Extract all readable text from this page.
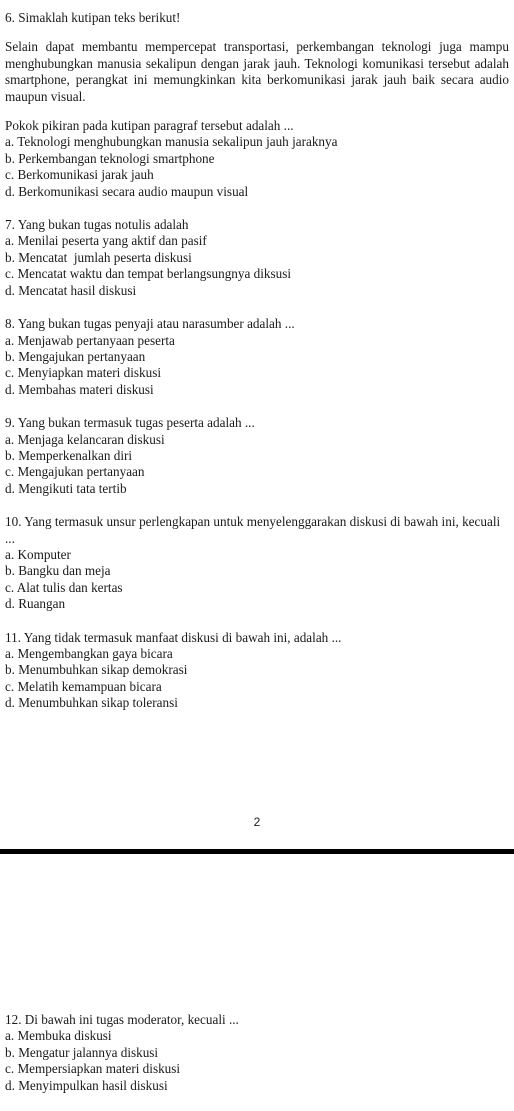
6. Simaklah kutipan teks berikut!

Selain dapat membantu mempercepat transportasi, perkembangan teknologi juga mampu menghubungkan manusia sekalipun dengan jarak jauh. Teknologi komunikasi tersebut adalah smartphone, perangkat ini memungkinkan kita berkomunikasi jarak jauh baik secara audio maupun visual.

Pokok pikiran pada kutipan paragraf tersebut adalah ...

a. Teknologi menghubungkan manusia sekalipun jauh jaraknya
b. Perkembangan teknologi smartphone
c. Berkomunikasi jarak jauh
d. Berkomunikasi secara audio maupun visual

7. Yang bukan tugas notulis adalah

a. Menilai peserta yang aktif dan pasif
b. Mencatat  jumlah peserta diskusi
c. Mencatat waktu dan tempat berlangsungnya diksusi
d. Mencatat hasil diskusi

8. Yang bukan tugas penyaji atau narasumber adalah ...

a. Menjawab pertanyaan peserta
b. Mengajukan pertanyaan
c. Menyiapkan materi diskusi
d. Membahas materi diskusi

9. Yang bukan termasuk tugas peserta adalah ...

a. Menjaga kelancaran diskusi
b. Memperkenalkan diri
c. Mengajukan pertanyaan
d. Mengikuti tata tertib

10. Yang termasuk unsur perlengkapan untuk menyelenggarakan diskusi di bawah ini, kecuali ...

a. Komputer
b. Bangku dan meja
c. Alat tulis dan kertas
d. Ruangan

11. Yang tidak termasuk manfaat diskusi di bawah ini, adalah ...

a. Mengembangkan gaya bicara
b. Menumbuhkan sikap demokrasi
c. Melatih kemampuan bicara
d. Menumbuhkan sikap toleransi
2

12. Di bawah ini tugas moderator, kecuali ...

a. Membuka diskusi
b. Mengatur jalannya diskusi
c. Mempersiapkan materi diskusi
d. Menyimpulkan hasil diskusi
